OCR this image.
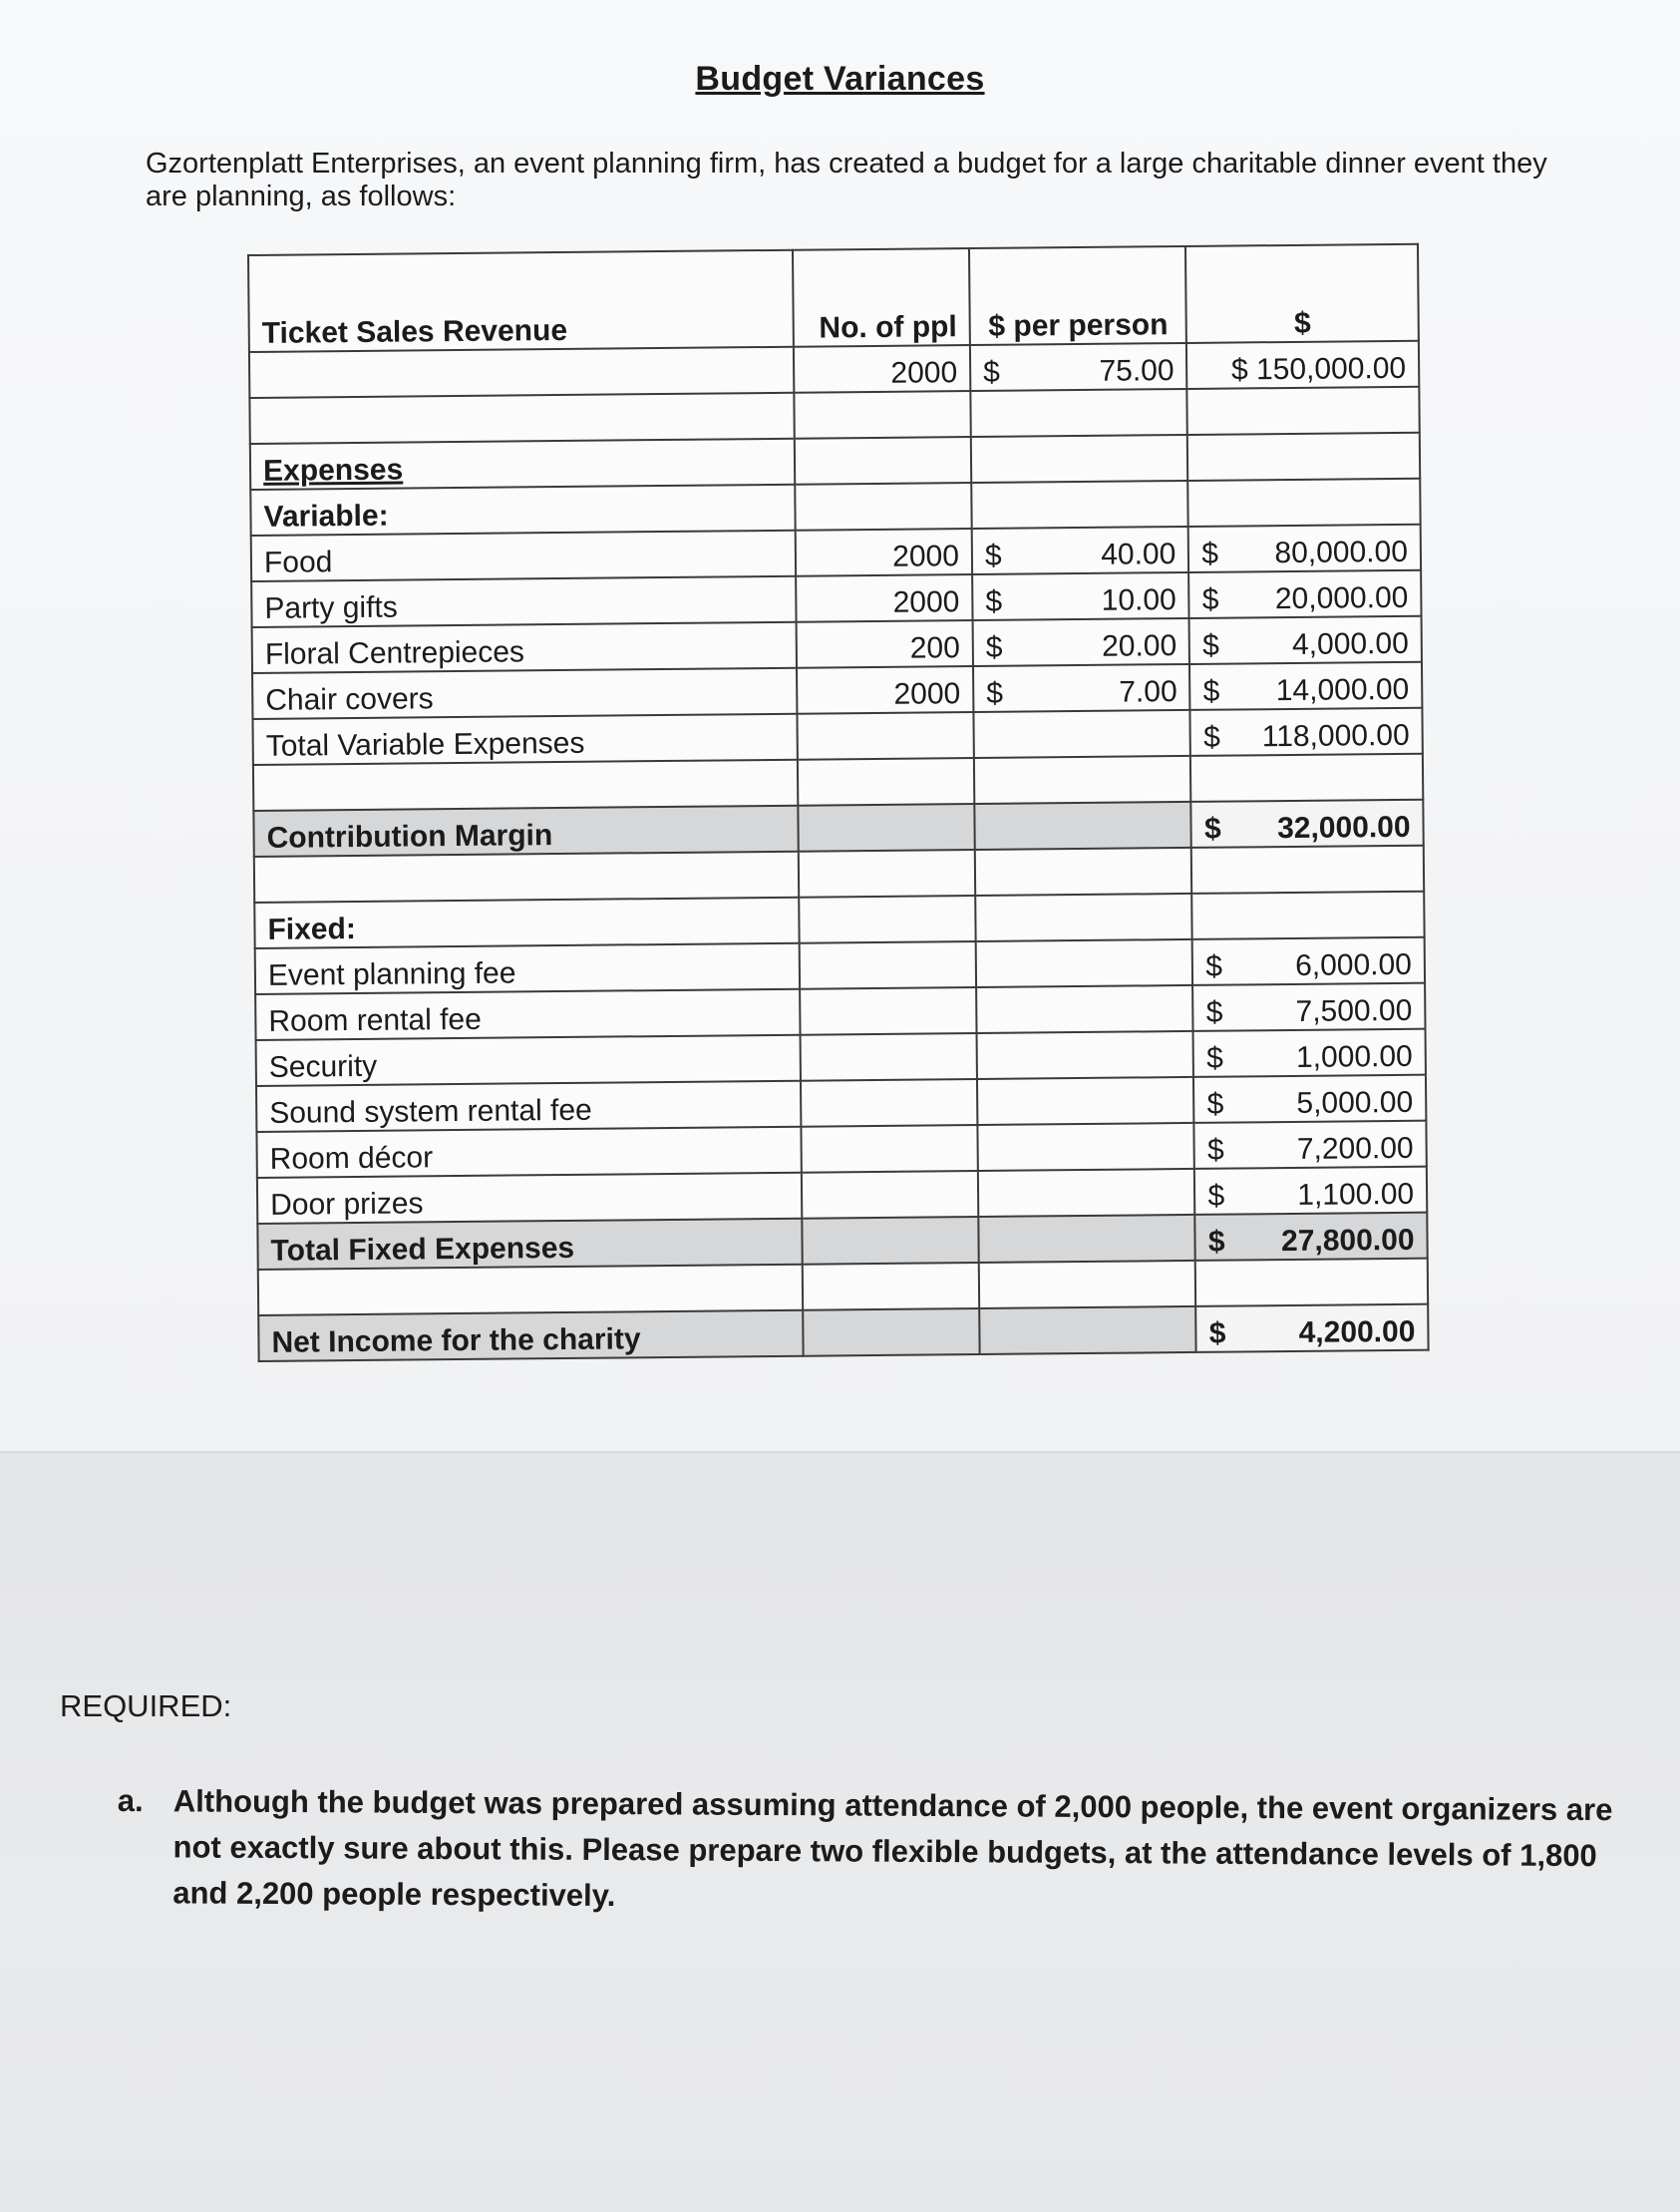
Budget Variances
Gzortenplatt Enterprises, an event planning firm, has created a budget for a large charitable dinner event they are planning, as follows:
Ticket Sales Revenue	No. of ppl	$ per person	$
	2000	$ 75.00	$ 150,000.00

Expenses			
Variable:			
Food	2000	$ 40.00	$ 80,000.00

Party gifts	2000	$ 10.00	$ 20,000.00

Floral Centrepieces	200	$ 20.00	$ 4,000.00

Chair covers	2000	$ 7.00	$ 14,000.00

Total Variable Expenses			$ 118,000.00

Contribution Margin			$ 32,000.00

Fixed:			
Event planning fee			$ 6,000.00

Room rental fee			$ 7,500.00

Security			$ 1,000.00

Sound system rental fee			$ 5,000.00

Room décor			$ 7,200.00

Door prizes			$ 1,100.00

Total Fixed Expenses			$ 27,800.00

Net Income for the charity			$ 4,200.00
REQUIRED:
a. Although the budget was prepared assuming attendance of 2,000 people, the event organizers are not exactly sure about this. Please prepare two flexible budgets, at the attendance levels of 1,800 and 2,200 people respectively.
